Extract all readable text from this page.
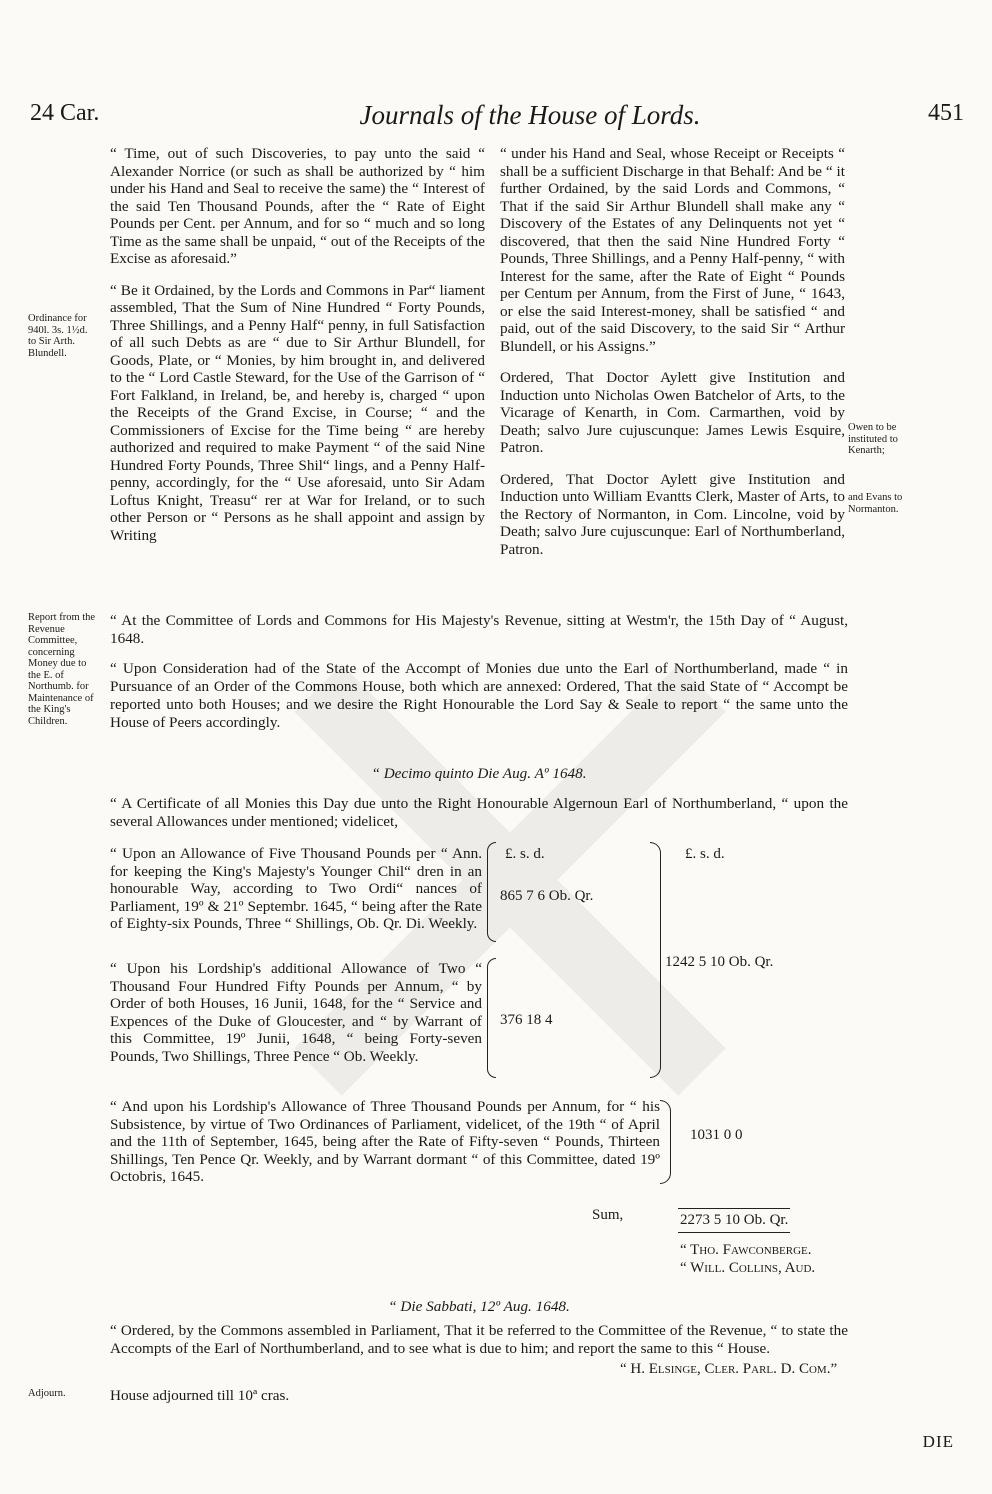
24 Car.	Journals of the House of Lords.	451
Ordinance for 940l. 3s. 1½d. to Sir Arth. Blundell.
Report from the Revenue Committee, concerning Money due to the E. of Northumb. for Maintenance of the King's Children.
Adjourn.
Owen to be instituted to Kenarth;
and Evans to Normanton.

“ Time, out of such Discoveries, to pay unto the said “ Alexander Norrice (or such as shall be authorized by “ him under his Hand and Seal to receive the same) the “ Interest of the said Ten Thousand Pounds, after the “ Rate of Eight Pounds per Cent. per Annum, and for so “ much and so long Time as the same shall be unpaid, “ out of the Receipts of the Excise as aforesaid.”

“ Be it Ordained, by the Lords and Commons in Par“ liament assembled, That the Sum of Nine Hundred “ Forty Pounds, Three Shillings, and a Penny Half“ penny, in full Satisfaction of all such Debts as are “ due to Sir Arthur Blundell, for Goods, Plate, or “ Monies, by him brought in, and delivered to the “ Lord Castle Steward, for the Use of the Garrison of “ Fort Falkland, in Ireland, be, and hereby is, charged “ upon the Receipts of the Grand Excise, in Course; “ and the Commissioners of Excise for the Time being “ are hereby authorized and required to make Payment “ of the said Nine Hundred Forty Pounds, Three Shil“ lings, and a Penny Half-penny, accordingly, for the “ Use aforesaid, unto Sir Adam Loftus Knight, Treasu“ rer at War for Ireland, or to such other Person or “ Persons as he shall appoint and assign by Writing

“ under his Hand and Seal, whose Receipt or Receipts “ shall be a sufficient Discharge in that Behalf: And be “ it further Ordained, by the said Lords and Commons, “ That if the said Sir Arthur Blundell shall make any “ Discovery of the Estates of any Delinquents not yet “ discovered, that then the said Nine Hundred Forty “ Pounds, Three Shillings, and a Penny Half-penny, “ with Interest for the same, after the Rate of Eight “ Pounds per Centum per Annum, from the First of June, “ 1643, or else the said Interest-money, shall be satisfied “ and paid, out of the said Discovery, to the said Sir “ Arthur Blundell, or his Assigns.”

Ordered, That Doctor Aylett give Institution and Induction unto Nicholas Owen Batchelor of Arts, to the Vicarage of Kenarth, in Com. Carmarthen, void by Death; salvo Jure cujuscunque: James Lewis Esquire, Patron.

Ordered, That Doctor Aylett give Institution and Induction unto William Evantts Clerk, Master of Arts, to the Rectory of Normanton, in Com. Lincolne, void by Death; salvo Jure cujuscunque: Earl of Northumberland, Patron.

“ At the Committee of Lords and Commons for His Majesty's Revenue, sitting at Westm'r, the 15th Day of “ August, 1648.
“ Upon Consideration had of the State of the Accompt of Monies due unto the Earl of Northumberland, made “ in Pursuance of an Order of the Commons House, both which are annexed: Ordered, That the said State of “ Accompt be reported unto both Houses; and we desire the Right Honourable the Lord Say & Seale to report “ the same unto the House of Peers accordingly.
“ Decimo quinto Die Aug. Aº 1648.
“ A Certificate of all Monies this Day due unto the Right Honourable Algernoun Earl of Northumberland, “ upon the several Allowances under mentioned; videlicet,
“ Upon an Allowance of Five Thousand Pounds per “ Ann. for keeping the King's Majesty's Younger Chil“ dren in an honourable Way, according to Two Ordi“ nances of Parliament, 19º & 21º Septembr. 1645, “ being after the Rate of Eighty-six Pounds, Three “ Shillings, Ob. Qr. Di. Weekly.
£. s. d.
865 7 6 Ob. Qr.
“ Upon his Lordship's additional Allowance of Two “ Thousand Four Hundred Fifty Pounds per Annum, “ by Order of both Houses, 16 Junii, 1648, for the “ Service and Expences of the Duke of Gloucester, and “ by Warrant of this Committee, 19º Junii, 1648, “ being Forty-seven Pounds, Two Shillings, Three Pence “ Ob. Weekly.
376 18 4
£. s. d.
1242 5 10 Ob. Qr.
“ And upon his Lordship's Allowance of Three Thousand Pounds per Annum, for “ his Subsistence, by virtue of Two Ordinances of Parliament, videlicet, of the 19th “ of April and the 11th of September, 1645, being after the Rate of Fifty-seven “ Pounds, Thirteen Shillings, Ten Pence Qr. Weekly, and by Warrant dormant “ of this Committee, dated 19º Octobris, 1645.
1031 0 0
Sum,	2273 5 10 Ob. Qr.
“ Tho. Fawconberge.
“ Will. Collins, Aud.
“ Die Sabbati, 12º Aug. 1648.
“ Ordered, by the Commons assembled in Parliament, That it be referred to the Committee of the Revenue, “ to state the Accompts of the Earl of Northumberland, and to see what is due to him; and report the same to this “ House.
“ H. Elsinge, Cler. Parl. D. Com.”
House adjourned till 10ª cras.
DIE
